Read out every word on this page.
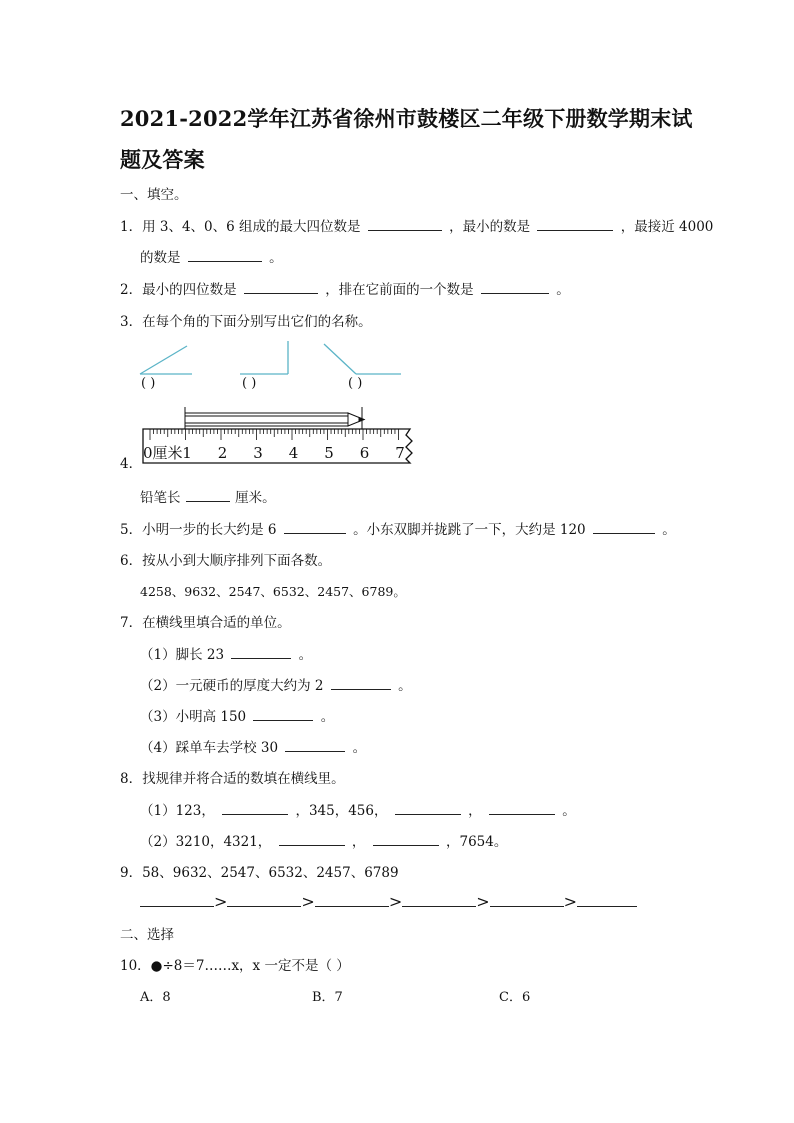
2021-2022学年江苏省徐州市鼓楼区二年级下册数学期末试
题及答案
一、填空。
1．用 3、4、0、6 组成的最大四位数是	，最小的数是	，最接近 4000
的数是	。
2．最小的四位数是	，排在它前面的一个数是	。
3．在每个角的下面分别写出它们的名称。
( )	( )	( )
4．
0厘米 1 2 3 4 5 6 7
铅笔长	厘米。
5．小明一步的长大约是 6	。小东双脚并拢跳了一下，大约是 120	。
6．按从小到大顺序排列下面各数。
4258、9632、2547、6532、2457、6789。
7．在横线里填合适的单位。
（1）脚长 23	。
（2）一元硬币的厚度大约为 2	。
（3）小明高 150	。
（4）踩单车去学校 30	。
8．找规律并将合适的数填在横线里。
（1）123，	，345，456，	，	。
（2）3210，4321，	，	，7654。
9．58、9632、2547、6532、2457、6789
>	>	>	>	>
二、选择
10．●÷8＝7……x，x 一定不是（ ）
A．8	B．7	C．6
